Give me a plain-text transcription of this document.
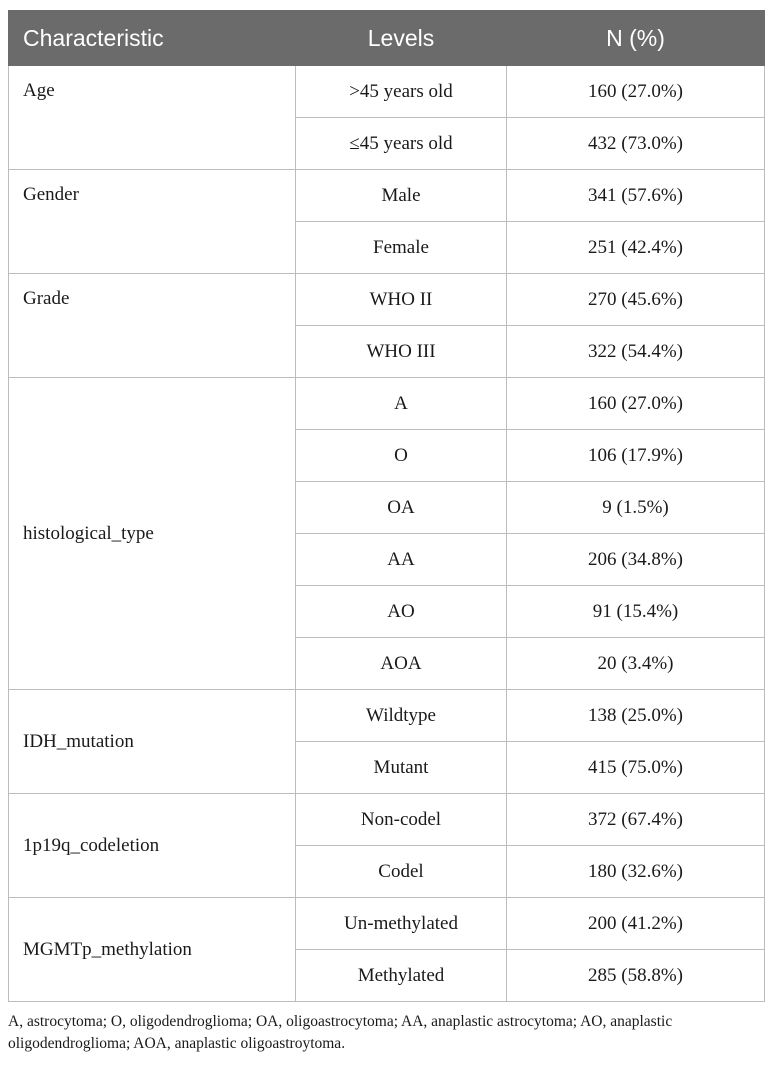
Characteristic	Levels	N (%)
Age	>45 years old	160 (27.0%)
	≤45 years old	432 (73.0%)
Gender	Male	341 (57.6%)
	Female	251 (42.4%)
Grade	WHO II	270 (45.6%)
	WHO III	322 (54.4%)
histological_type	A	160 (27.0%)
	O	106 (17.9%)
	OA	9 (1.5%)
	AA	206 (34.8%)
	AO	91 (15.4%)
	AOA	20 (3.4%)
IDH_mutation	Wildtype	138 (25.0%)
	Mutant	415 (75.0%)
1p19q_codeletion	Non-codel	372 (67.4%)
	Codel	180 (32.6%)
MGMTp_methylation	Un-methylated	200 (41.2%)
	Methylated	285 (58.8%)
A, astrocytoma; O, oligodendroglioma; OA, oligoastrocytoma; AA, anaplastic astrocytoma; AO, anaplastic oligodendroglioma; AOA, anaplastic oligoastroytoma.
